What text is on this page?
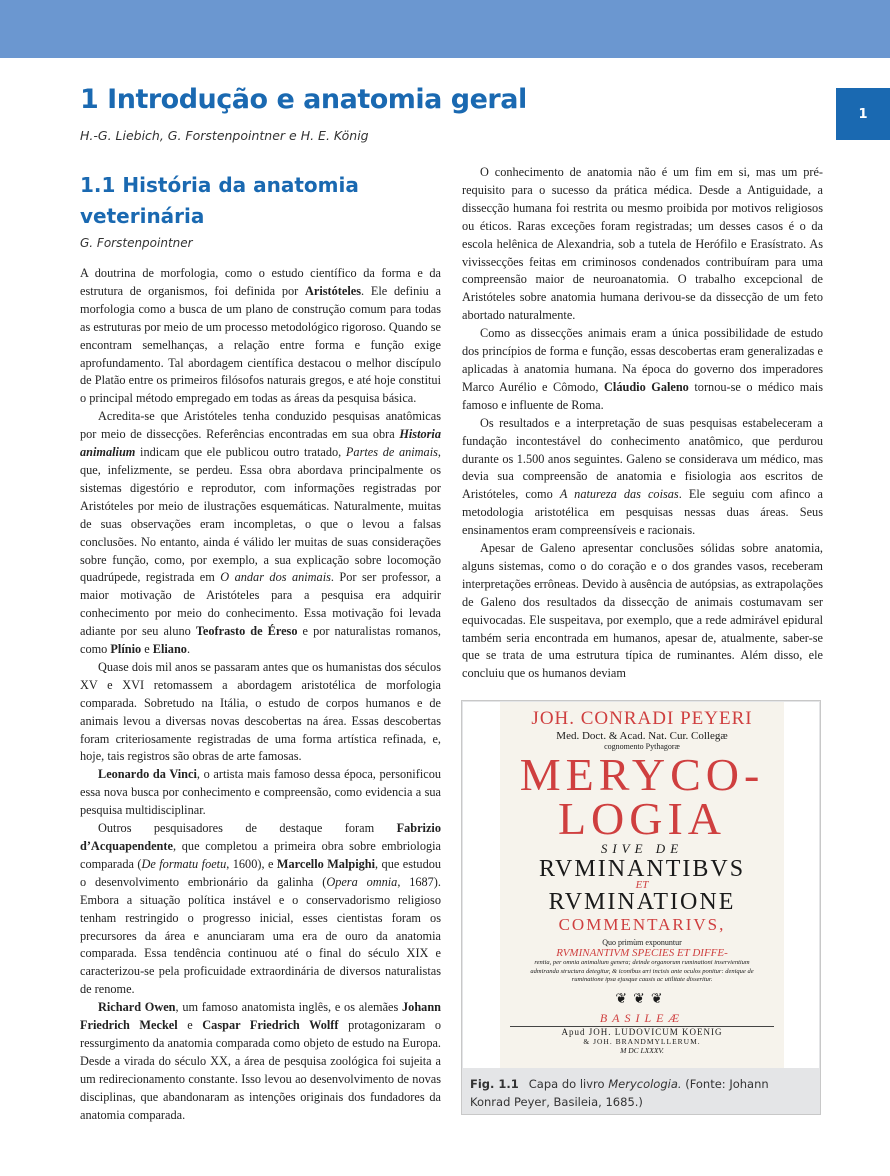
1
1 Introdução e anatomia geral
H.-G. Liebich, G. Forstenpointner e H. E. König
1.1 História da anatomia veterinária
G. Forstenpointner

A doutrina de morfologia, como o estudo científico da forma e da estrutura de organismos, foi definida por Aristóteles. Ele definiu a morfologia como a busca de um plano de construção comum para todas as estruturas por meio de um processo metodológico rigoroso. Quando se encontram semelhanças, a relação entre forma e função exige aprofundamento. Tal abordagem científica destacou o melhor discípulo de Platão entre os primeiros filósofos naturais gregos, e até hoje constitui o principal método empregado em todas as áreas da pesquisa básica.

Acredita-se que Aristóteles tenha conduzido pesquisas anatômicas por meio de dissecções. Referências encontradas em sua obra Historia animalium indicam que ele publicou outro tratado, Partes de animais, que, infelizmente, se perdeu. Essa obra abordava principalmente os sistemas digestório e reprodutor, com informações registradas por Aristóteles por meio de ilustrações esquemáticas. Naturalmente, muitas de suas observações eram incompletas, o que o levou a falsas conclusões. No entanto, ainda é válido ler muitas de suas considerações sobre função, como, por exemplo, a sua explicação sobre locomoção quadrúpede, registrada em O andar dos animais. Por ser professor, a maior motivação de Aristóteles para a pesquisa era adquirir conhecimento por meio do conhecimento. Essa motivação foi levada adiante por seu aluno Teofrasto de Éreso e por naturalistas romanos, como Plínio e Eliano.

Quase dois mil anos se passaram antes que os humanistas dos séculos XV e XVI retomassem a abordagem aristotélica de morfologia comparada. Sobretudo na Itália, o estudo de corpos humanos e de animais levou a diversas novas descobertas na área. Essas descobertas foram criteriosamente registradas de uma forma artística refinada, e, hoje, tais registros são obras de arte famosas.

Leonardo da Vinci, o artista mais famoso dessa época, personificou essa nova busca por conhecimento e compreensão, como evidencia a sua pesquisa multidisciplinar.

Outros pesquisadores de destaque foram Fabrizio d’Acquapendente, que completou a primeira obra sobre embriologia comparada (De formatu foetu, 1600), e Marcello Malpighi, que estudou o desenvolvimento embrionário da galinha (Opera omnia, 1687). Embora a situação política instável e o conservadorismo religioso tenham restringido o progresso inicial, esses cientistas foram os precursores da área e anunciaram uma era de ouro da anatomia comparada. Essa tendência continuou até o final do século XIX e caracterizou-se pela proficuidade extraordinária de diversos naturalistas de renome.

Richard Owen, um famoso anatomista inglês, e os alemães Johann Friedrich Meckel e Caspar Friedrich Wolff protagonizaram o ressurgimento da anatomia comparada como objeto de estudo na Europa. Desde a virada do século XX, a área de pesquisa zoológica foi sujeita a um redirecionamento constante. Isso levou ao desenvolvimento de novas disciplinas, que abandonaram as intenções originais dos fundadores da anatomia comparada.

O conhecimento de anatomia não é um fim em si, mas um pré-requisito para o sucesso da prática médica. Desde a Antiguidade, a dissecção humana foi restrita ou mesmo proibida por motivos religiosos ou éticos. Raras exceções foram registradas; um desses casos é o da escola helênica de Alexandria, sob a tutela de Herófilo e Erasístrato. As vivissecções feitas em criminosos condenados contribuíram para uma compreensão maior de neuroanatomia. O trabalho excepcional de Aristóteles sobre anatomia humana derivou-se da dissecção de um feto abortado naturalmente.

Como as dissecções animais eram a única possibilidade de estudo dos princípios de forma e função, essas descobertas eram generalizadas e aplicadas à anatomia humana. Na época do governo dos imperadores Marco Aurélio e Cômodo, Cláudio Galeno tornou-se o médico mais famoso e influente de Roma.

Os resultados e a interpretação de suas pesquisas estabeleceram a fundação incontestável do conhecimento anatômico, que perdurou durante os 1.500 anos seguintes. Galeno se considerava um médico, mas devia sua compreensão de anatomia e fisiologia aos escritos de Aristóteles, como A natureza das coisas. Ele seguiu com afinco a metodologia aristotélica em pesquisas nessas duas áreas. Seus ensinamentos eram compreensíveis e racionais.

Apesar de Galeno apresentar conclusões sólidas sobre anatomia, alguns sistemas, como o do coração e o dos grandes vasos, receberam interpretações errôneas. Devido à ausência de autópsias, as extrapolações de Galeno dos resultados da dissecção de animais costumavam ser equivocadas. Ele suspeitava, por exemplo, que a rede admirável epidural também seria encontrada em humanos, apesar de, atualmente, saber-se que se trata de uma estrutura típica de ruminantes. Além disso, ele concluiu que os humanos deviam

JOH. CONRADI PEYERI
Med. Doct. & Acad. Nat. Cur. Collegæ
cognomento Pythagoræ
MERYCO-
LOGIA
SIVE DE
RVMINANTIBVS
ET
RVMINATIONE
COMMENTARIVS,
Quo primùm exponuntur
RVMINANTIVM SPECIES ET DIFFE-
rentia, per omnia animalium genera; deinde organorum ruminationi inservientium admiranda structura detegitur, & iconibus æri incisis ante oculos ponitur: denique de ruminatione ipsa ejusque causis ac utilitate disseritur.
❦❦❦
BASILEÆ
Apud JOH. LUDOVICUM KOENIG
& JOH. BRANDMYLLERUM.
M DC LXXXV.
Fig. 1.1 Capa do livro Merycologia. (Fonte: Johann Konrad Peyer, Basileia, 1685.)
